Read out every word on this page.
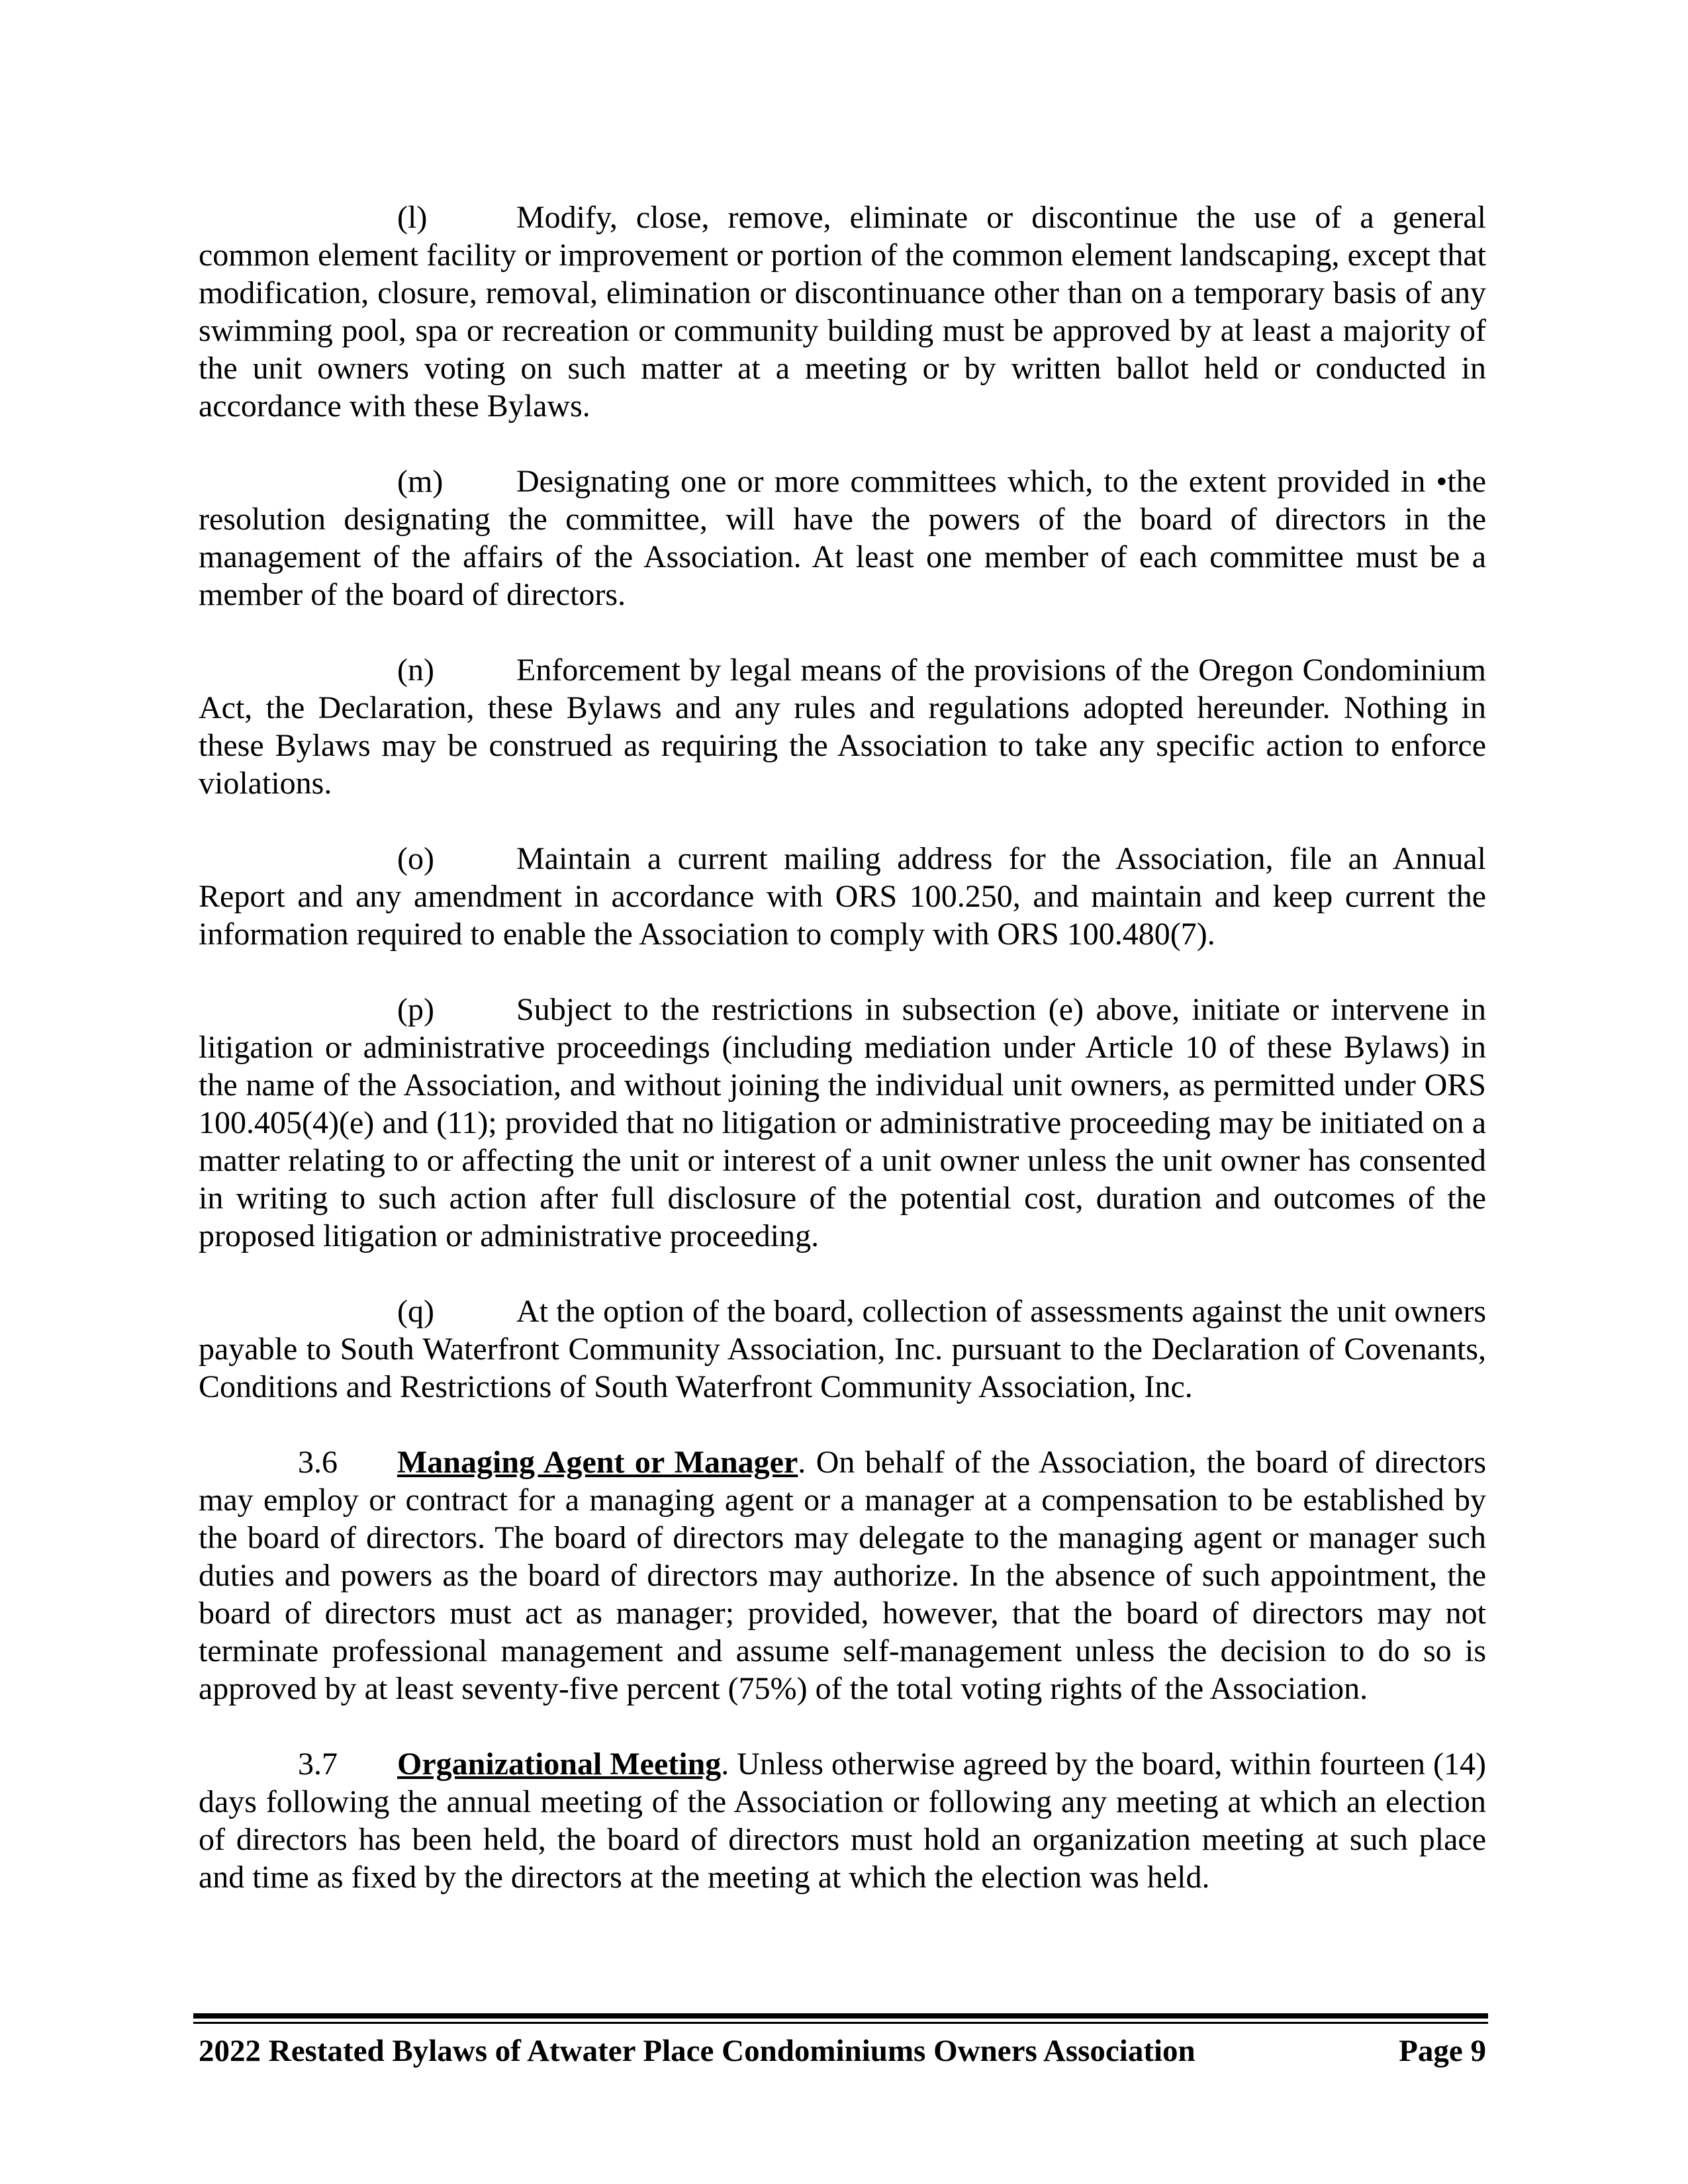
(l)	Modify, close, remove, eliminate or discontinue the use of a general common element facility or improvement or portion of the common element landscaping, except that modification, closure, removal, elimination or discontinuance other than on a temporary basis of any swimming pool, spa or recreation or community building must be approved by at least a majority of the unit owners voting on such matter at a meeting or by written ballot held or conducted in accordance with these Bylaws.

(m) Designating one or more committees which, to the extent provided in •the resolution designating the committee, will have the powers of the board of directors in the management of the affairs of the Association. At least one member of each committee must be a member of the board of directors.

(n)	Enforcement by legal means of the provisions of the Oregon Condominium Act, the Declaration, these Bylaws and any rules and regulations adopted hereunder. Nothing in these Bylaws may be construed as requiring the Association to take any specific action to enforce violations.

(o)	Maintain a current mailing address for the Association, file an Annual Report and any amendment in accordance with ORS 100.250, and maintain and keep current the information required to enable the Association to comply with ORS 100.480(7).

(p)	Subject to the restrictions in subsection (e) above, initiate or intervene in litigation or administrative proceedings (including mediation under Article 10 of these Bylaws) in the name of the Association, and without joining the individual unit owners, as permitted under ORS 100.405(4)(e) and (11); provided that no litigation or administrative proceeding may be initiated on a matter relating to or affecting the unit or interest of a unit owner unless the unit owner has consented in writing to such action after full disclosure of the potential cost, duration and outcomes of the proposed litigation or administrative proceeding.

(q)	At the option of the board, collection of assessments against the unit owners payable to South Waterfront Community Association, Inc. pursuant to the Declaration of Covenants, Conditions and Restrictions of South Waterfront Community Association, Inc.

3.6 Managing Agent or Manager. On behalf of the Association, the board of directors may employ or contract for a managing agent or a manager at a compensation to be established by the board of directors. The board of directors may delegate to the managing agent or manager such duties and powers as the board of directors may authorize. In the absence of such appointment, the board of directors must act as manager; provided, however, that the board of directors may not terminate professional management and assume self-management unless the decision to do so is approved by at least seventy-five percent (75%) of the total voting rights of the Association.

3.7 Organizational Meeting. Unless otherwise agreed by the board, within fourteen (14) days following the annual meeting of the Association or following any meeting at which an election of directors has been held, the board of directors must hold an organization meeting at such place and time as fixed by the directors at the meeting at which the election was held.

2022 Restated Bylaws of Atwater Place Condominiums Owners Association	Page 9
